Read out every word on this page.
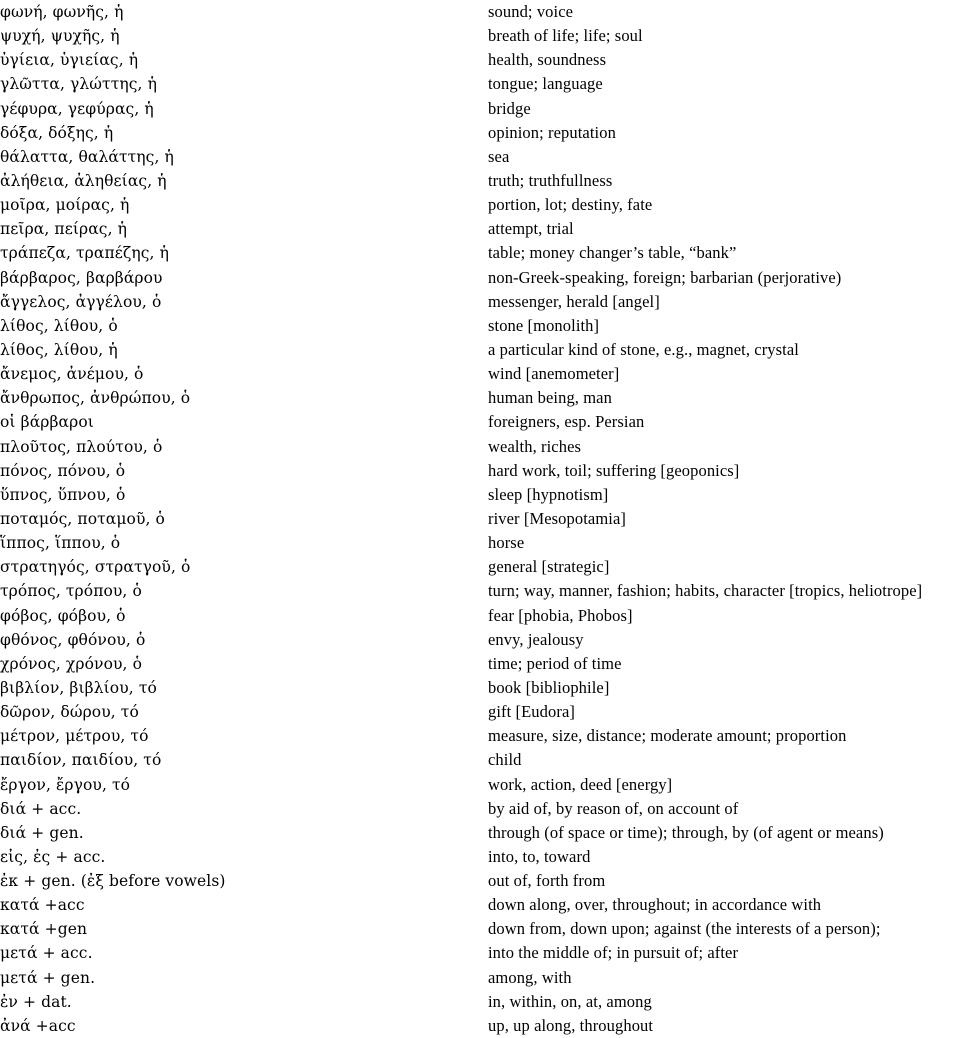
φωνή, φωνῆς, ἡ	sound; voice
ψυχή, ψυχῆς, ἡ	breath of life; life; soul
ὑγίεια, ὑγιείας, ἡ	health, soundness
γλῶττα, γλώττης, ἡ	tongue; language
γέφυρα, γεφύρας, ἡ	bridge
δόξα, δόξης, ἡ	opinion; reputation
θάλαττα, θαλάττης, ἡ	sea
ἀλήθεια, ἀληθείας, ἡ	truth; truthfullness
μοῖρα, μοίρας, ἡ	portion, lot; destiny, fate
πεῖρα, πείρας, ἡ	attempt, trial
τράπεζα, τραπέζης, ἡ	table; money changer’s table, “bank”
βάρβαρος, βαρβάρου	non-Greek-speaking, foreign; barbarian (perjorative)
ἄγγελος, ἀγγέλου, ὁ	messenger, herald [angel]
λίθος, λίθου, ὁ	stone [monolith]
λίθος, λίθου, ἡ	a particular kind of stone, e.g., magnet, crystal
ἄνεμος, ἀνέμου, ὁ	wind [anemometer]
ἄνθρωπος, ἀνθρώπου, ὁ	human being, man
οἱ βάρβαροι	foreigners, esp. Persian
πλοῦτος, πλούτου, ὁ	wealth, riches
πόνος, πόνου, ὁ	hard work, toil; suffering [geoponics]
ὕπνος, ὕπνου, ὁ	sleep [hypnotism]
ποταμός, ποταμοῦ, ὁ	river [Mesopotamia]
ἵππος, ἵππου, ὁ	horse
στρατηγός, στρατγοῦ, ὁ	general [strategic]
τρόπος, τρόπου, ὁ	turn; way, manner, fashion; habits, character [tropics, heliotrope]
φόβος, φόβου, ὁ	fear [phobia, Phobos]
φθόνος, φθόνου, ὁ	envy, jealousy
χρόνος, χρόνου, ὁ	time; period of time
βιβλίον, βιβλίου, τό	book [bibliophile]
δῶρον, δώρου, τό	gift [Eudora]
μέτρον, μέτρου, τό	measure, size, distance; moderate amount; proportion
παιδίον, παιδίου, τό	child
ἔργον, ἔργου, τό	work, action, deed [energy]
διά + acc.	by aid of, by reason of, on account of
διά + gen.	through (of space or time); through, by (of agent or means)
εἰς, ἐς + acc.	into, to, toward
ἐκ + gen. (ἐξ before vowels)	out of, forth from
κατά +acc	down along, over, throughout; in accordance with
κατά +gen	down from, down upon; against (the interests of a person);
μετά + acc.	into the middle of; in pursuit of; after
μετά + gen.	among, with
ἐν + dat.	in, within, on, at, among
ἀνά +acc	up, up along, throughout
